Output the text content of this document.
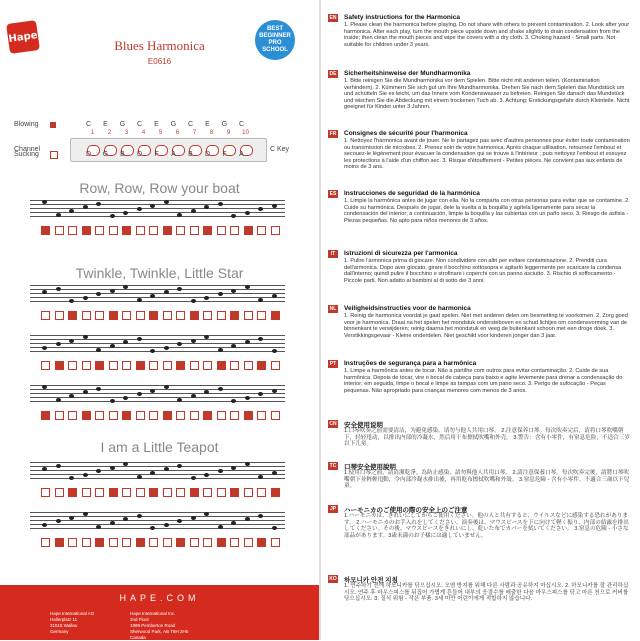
Hape
BEST BEGINNER PRO SCHOOL
Blues Harmonica
E0616
Blowing
Channel	C Key
Sucking
C E G C E G C E G C
1	2	3	4	5	6	7	8	9	10
D G B D F A B D F A
Row, Row, Row your boat
Twinkle, Twinkle, Little Star
I am a Little Teapot
HAPE.COM
Hape International AG
Hallerplatz 11
31515 Wallau
Germany
Hape International Inc.
2nd Floor
1999 Pemberton Road
Sherwood Park, AB T8H 2H5
Canada
EN Safety instructions for the Harmonica
1. Please clean the harmonica before playing. Do not share with others to prevent contamination. 2. Look after your harmonica. After each play, turn the mouth piece upside down and shake slightly to drain condensation from the inside; then clean the mouth pieces and wipe the covers with a dry cloth. 3. Choking hazard - Small parts. Not suitable for children under 3 years.
DE Sicherheitshinweise der Mundharmonika
1. Bitte reinigen Sie die Mundharmonika vor dem Spielen. Bitte nicht mit anderen teilen. (Kontamination verhindern). 2. Kümmern Sie sich gut um Ihre Mundharmonika. Drehen Sie nach dem Spielen das Mundstück um und schütteln Sie es leicht, um das Innere vom Kondenswasser zu befreien. Reinigen Sie danach das Mundstück und wischen Sie die Abdeckung mit einem trockenen Tuch ab. 3. Achtung: Erstickungsgefahr durch Kleinteile. Nicht geeignet für Kinder unter 3 Jahren.
FR Consignes de sécurité pour l'harmonica
1. Nettoyez l'harmonica avant de jouer. Ne le partagez pas avec d'autres personnes pour éviter toute contamination ou transmission de microbes. 2. Prenez soin de votre harmonica. Après chaque utilisation, retournez l'embout et secouez-le légèrement pour évacuer la condensation qui se trouve à l'intérieur ; puis nettoyez l'embout et essuyez les protections à l'aide d'un chiffon sec. 3. Risque d'étouffement - Petites pièces. Ne convient pas aux enfants de moins de 3 ans.
ES Instrucciones de seguridad de la harmónica
1. Limpie la harmónica antes de jugar con ella. No la comparta con otras personas para evitar que se contamine. 2. Cuide su harmónica. Después de jugar, dele la vuelta a la boquilla y agítela ligeramente para secar la condensación del interior; a continuación, limpie la boquilla y las cubiertas con un paño seco. 3. Riesgo de asfixia - Piezas pequeñas. No apto para niños menores de 3 años.
IT	Istruzioni di sicurezza per l'armonica
1. Pulire l'armonica prima di giocare. Non condividere con altri per evitare contaminazione. 2. Prenditi cura dell'armonica. Dopo aver giocato, girare il bocchino sottosopra e agitarlo leggermente per scaricare la condensa dall'interno; quindi pulire il bocchino e strofinare i coperchi con un panno asciutto. 3. Rischio di soffocamento - Piccole parti. Non adatto ai bambini al di sotto dei 3 anni.
NL Veiligheidsinstructies voor de harmonica
1. Reinig de harmonica voordat je gaat spelen. Niet met anderen delen om besmetting te voorkomen. 2. Zorg goed voor je harmonica. Draai na het spelen het mondstuk ondersteboven en schud lichtjes om condensvorming van de binnenkant te verwijderen; reinig daarna het mondstuk en veeg de buitenkant schoon met een droge doek. 3. Verstikkingsgevaar - Kleine onderdelen. Niet geschikt voor kinderen jonger dan 3 jaar.
PT Instruções de segurança para a harmônica
1. Limpe a harmônica antes de tocar. Não a partilhe com outros para evitar contaminação. 2. Cuide de sua harmônica. Depois de tocar, vire o bocal de cabeça para baixo e agite levemente para drenar a condensação do interior; em seguida, limpe o bocal e limpe as tampas com um pano seco. 3. Perigo de sufocação - Peças pequenas. Não apropriado para crianças menores com menos de 3 anos.
CN 安全使用说明
1.口琴吹奏之前需要清洁，为避免感染，请勿与他人共用口琴。 2.注意保养口琴。每次吹奏完后，请将口琴吹嘴朝下，轻轻甩动，以排出内部的冷凝水，然后用干布擦拭吹嘴和外壳。 3.警告：含有小零件，有窒息危险，不适合三岁以下儿童。
TC 口琴安全使用說明
1.使用口琴之前，請清潔乾淨。為防止感染，請勿與他人共用口琴。 2.請注意保養口琴。每次吹奏完後，請將口琴吹嘴朝下並輕輕甩動，令內部冷凝水排出後，再用乾布擦拭吹嘴和外殼。 3.窒息危險 - 含有小零件，不適合三歲以下兒童。
JP ハーモニカのご使用の際の安全上のご注意
1.ハーモニカは、きれいにしてからご使用ください。他の人と共有すると、ウイルスなどに感染する恐れがあります。 2.ハーモニカのお手入れをしてください。演奏後は、マウスピースを下に向けて軽く振り、内部の結露を排出してください。その後、マウスピースをきれいにし、乾いた布でカバーを拭いてください。 3.窒息の危険 - 小さな部品があります。3歳未満のお子様には適していません。
KO 하모니카 안전 지침
1. 연주하기 전에 하모니카를 닦으십시오. 오염 방지를 위해 다른 사람과 공유하지 마십시오. 2. 하모니카를 잘 관리하십시오. 연주 후 마우스피스를 뒤집어 가볍게 흔들어 내부의 응결수를 배출한 다음 마우스피스를 닦고 마른 천으로 커버를 닦으십시오. 3. 질식 위험 - 작은 부품. 3세 미만 어린이에게 적합하지 않습니다.
